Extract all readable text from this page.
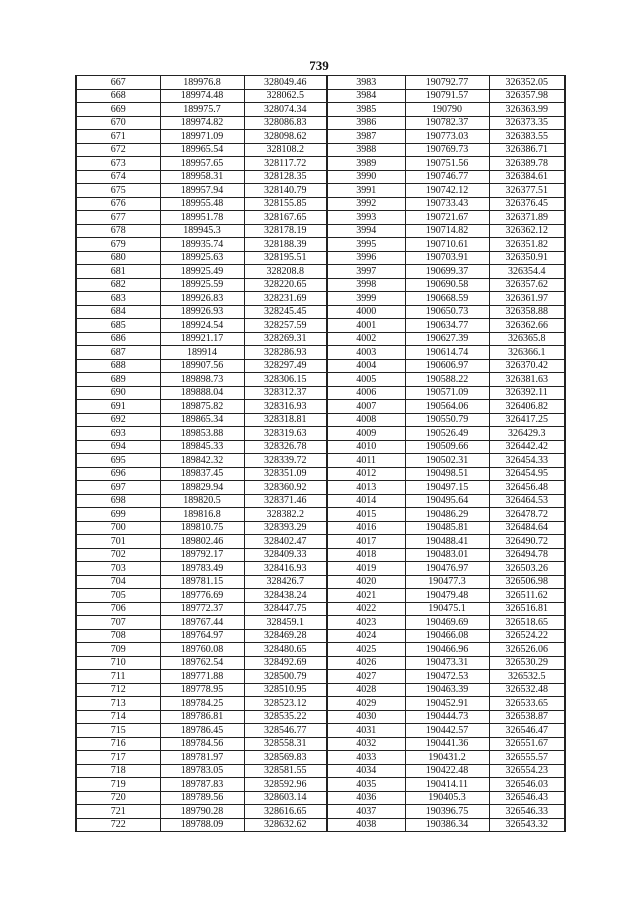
739
667	189976.8	328049.46	3983	190792.77	326352.05
668	189974.48	328062.5	3984	190791.57	326357.98
669	189975.7	328074.34	3985	190790	326363.99
670	189974.82	328086.83	3986	190782.37	326373.35
671	189971.09	328098.62	3987	190773.03	326383.55
672	189965.54	328108.2	3988	190769.73	326386.71
673	189957.65	328117.72	3989	190751.56	326389.78
674	189958.31	328128.35	3990	190746.77	326384.61
675	189957.94	328140.79	3991	190742.12	326377.51
676	189955.48	328155.85	3992	190733.43	326376.45
677	189951.78	328167.65	3993	190721.67	326371.89
678	189945.3	328178.19	3994	190714.82	326362.12
679	189935.74	328188.39	3995	190710.61	326351.82
680	189925.63	328195.51	3996	190703.91	326350.91
681	189925.49	328208.8	3997	190699.37	326354.4
682	189925.59	328220.65	3998	190690.58	326357.62
683	189926.83	328231.69	3999	190668.59	326361.97
684	189926.93	328245.45	4000	190650.73	326358.88
685	189924.54	328257.59	4001	190634.77	326362.66
686	189921.17	328269.31	4002	190627.39	326365.8
687	189914	328286.93	4003	190614.74	326366.1
688	189907.56	328297.49	4004	190606.97	326370.42
689	189898.73	328306.15	4005	190588.22	326381.63
690	189888.04	328312.37	4006	190571.09	326392.11
691	189875.82	328316.93	4007	190564.06	326406.82
692	189865.34	328318.81	4008	190550.79	326417.25
693	189853.88	328319.63	4009	190526.49	326429.3
694	189845.33	328326.78	4010	190509.66	326442.42
695	189842.32	328339.72	4011	190502.31	326454.33
696	189837.45	328351.09	4012	190498.51	326454.95
697	189829.94	328360.92	4013	190497.15	326456.48
698	189820.5	328371.46	4014	190495.64	326464.53
699	189816.8	328382.2	4015	190486.29	326478.72
700	189810.75	328393.29	4016	190485.81	326484.64
701	189802.46	328402.47	4017	190488.41	326490.72
702	189792.17	328409.33	4018	190483.01	326494.78
703	189783.49	328416.93	4019	190476.97	326503.26
704	189781.15	328426.7	4020	190477.3	326506.98
705	189776.69	328438.24	4021	190479.48	326511.62
706	189772.37	328447.75	4022	190475.1	326516.81
707	189767.44	328459.1	4023	190469.69	326518.65
708	189764.97	328469.28	4024	190466.08	326524.22
709	189760.08	328480.65	4025	190466.96	326526.06
710	189762.54	328492.69	4026	190473.31	326530.29
711	189771.88	328500.79	4027	190472.53	326532.5
712	189778.95	328510.95	4028	190463.39	326532.48
713	189784.25	328523.12	4029	190452.91	326533.65
714	189786.81	328535.22	4030	190444.73	326538.87
715	189786.45	328546.77	4031	190442.57	326546.47
716	189784.56	328558.31	4032	190441.36	326551.67
717	189781.97	328569.83	4033	190431.2	326555.57
718	189783.05	328581.55	4034	190422.48	326554.23
719	189787.83	328592.96	4035	190414.11	326546.03
720	189789.56	328603.14	4036	190405.3	326546.43
721	189790.28	328616.65	4037	190396.75	326546.33
722	189788.09	328632.62	4038	190386.34	326543.32
